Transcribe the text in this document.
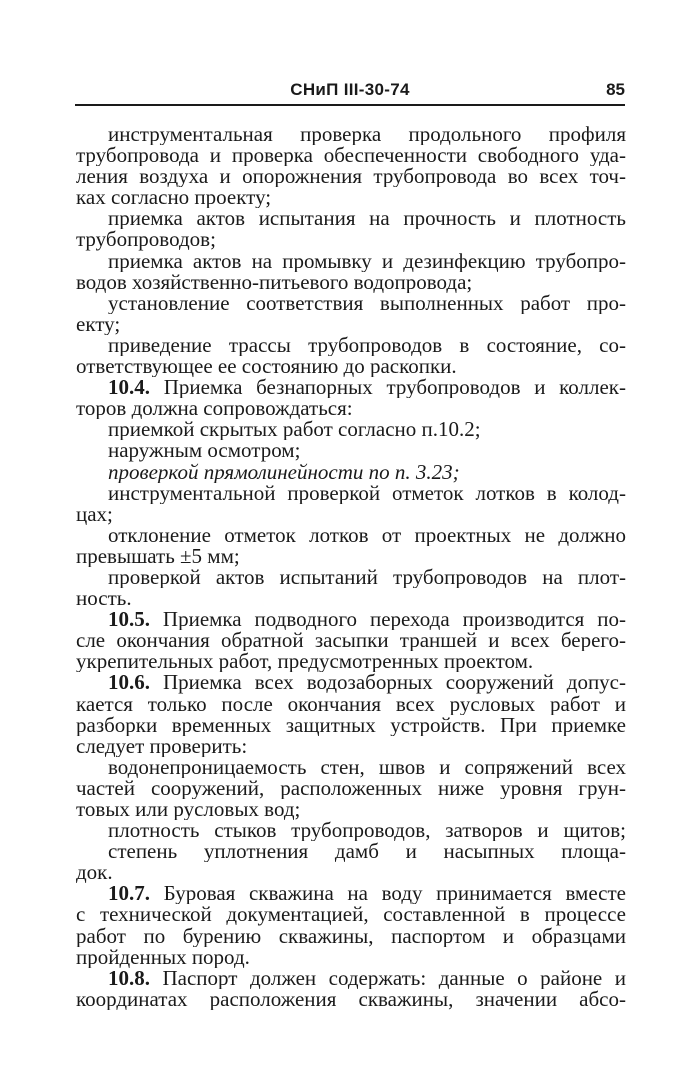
СНиП III-30-74	85
инструментальная проверка продольного профиля
трубопровода и проверка обеспеченности свободного уда-
ления воздуха и опорожнения трубопровода во всех точ-
ках согласно проекту;
приемка актов испытания на прочность и плотность
трубопроводов;
приемка актов на промывку и дезинфекцию трубопро-
водов хозяйственно-питьевого водопровода;
установление соответствия выполненных работ про-
екту;
приведение трассы трубопроводов в состояние, со-
ответствующее ее состоянию до раскопки.
10.4. Приемка безнапорных трубопроводов и коллек-
торов должна сопровождаться:
приемкой скрытых работ согласно п.10.2;
наружным осмотром;
проверкой прямолинейности по п. 3.23;
инструментальной проверкой отметок лотков в колод-
цах;
отклонение отметок лотков от проектных не должно
превышать ±5 мм;
проверкой актов испытаний трубопроводов на плот-
ность.
10.5. Приемка подводного перехода производится по-
сле окончания обратной засыпки траншей и всех берего-
укрепительных работ, предусмотренных проектом.
10.6. Приемка всех водозаборных сооружений допус-
кается только после окончания всех русловых работ и
разборки временных защитных устройств. При приемке
следует проверить:
водонепроницаемость стен, швов и сопряжений всех
частей сооружений, расположенных ниже уровня грун-
товых или русловых вод;
плотность стыков трубопроводов, затворов и щитов;
степень уплотнения дамб и насыпных площа-
док.
10.7. Буровая скважина на воду принимается вместе
с технической документацией, составленной в процессе
работ по бурению скважины, паспортом и образцами
пройденных пород.
10.8. Паспорт должен содержать: данные о районе и
координатах расположения скважины, значении абсо-
